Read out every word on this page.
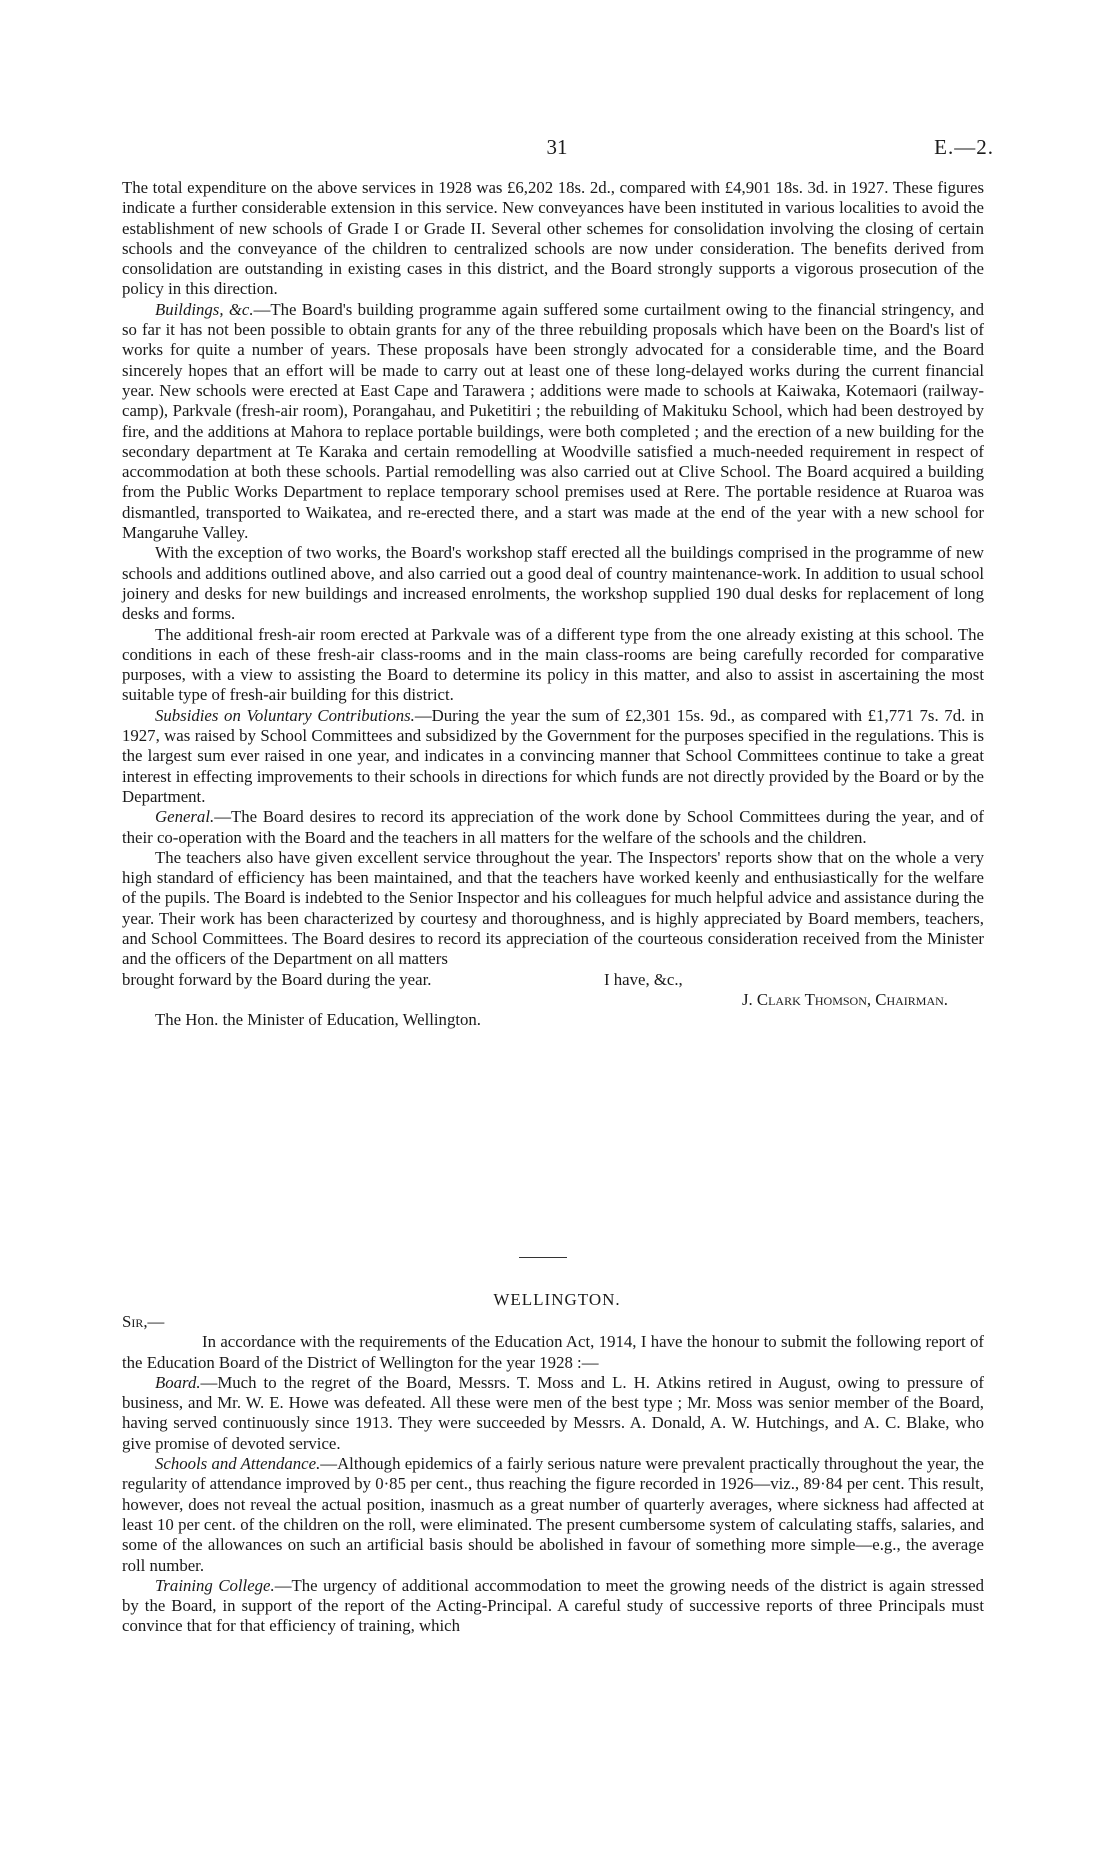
31	E.—2.

The total expenditure on the above services in 1928 was £6,202 18s. 2d., compared with £4,901 18s. 3d. in 1927. These figures indicate a further considerable extension in this service. New conveyances have been instituted in various localities to avoid the establishment of new schools of Grade I or Grade II. Several other schemes for consolidation involving the closing of certain schools and the conveyance of the children to centralized schools are now under consideration. The benefits derived from consolidation are outstanding in existing cases in this district, and the Board strongly supports a vigorous prosecution of the policy in this direction.

Buildings, &c.—The Board's building programme again suffered some curtailment owing to the financial stringency, and so far it has not been possible to obtain grants for any of the three rebuilding proposals which have been on the Board's list of works for quite a number of years. These proposals have been strongly advocated for a considerable time, and the Board sincerely hopes that an effort will be made to carry out at least one of these long-delayed works during the current financial year. New schools were erected at East Cape and Tarawera ; additions were made to schools at Kaiwaka, Kotemaori (railway-camp), Parkvale (fresh-air room), Porangahau, and Puketitiri ; the rebuilding of Makituku School, which had been destroyed by fire, and the additions at Mahora to replace portable buildings, were both completed ; and the erection of a new building for the secondary department at Te Karaka and certain remodelling at Woodville satisfied a much-needed requirement in respect of accommodation at both these schools. Partial remodelling was also carried out at Clive School. The Board acquired a building from the Public Works Department to replace temporary school premises used at Rere. The portable residence at Ruaroa was dismantled, transported to Waikatea, and re-erected there, and a start was made at the end of the year with a new school for Mangaruhe Valley.

With the exception of two works, the Board's workshop staff erected all the buildings comprised in the programme of new schools and additions outlined above, and also carried out a good deal of country maintenance-work. In addition to usual school joinery and desks for new buildings and increased enrolments, the workshop supplied 190 dual desks for replacement of long desks and forms.

The additional fresh-air room erected at Parkvale was of a different type from the one already existing at this school. The conditions in each of these fresh-air class-rooms and in the main class-rooms are being carefully recorded for comparative purposes, with a view to assisting the Board to determine its policy in this matter, and also to assist in ascertaining the most suitable type of fresh-air building for this district.

Subsidies on Voluntary Contributions.—During the year the sum of £2,301 15s. 9d., as compared with £1,771 7s. 7d. in 1927, was raised by School Committees and subsidized by the Government for the purposes specified in the regulations. This is the largest sum ever raised in one year, and indicates in a convincing manner that School Committees continue to take a great interest in effecting improvements to their schools in directions for which funds are not directly provided by the Board or by the Department.

General.—The Board desires to record its appreciation of the work done by School Committees during the year, and of their co-operation with the Board and the teachers in all matters for the welfare of the schools and the children.

The teachers also have given excellent service throughout the year. The Inspectors' reports show that on the whole a very high standard of efficiency has been maintained, and that the teachers have worked keenly and enthusiastically for the welfare of the pupils. The Board is indebted to the Senior Inspector and his colleagues for much helpful advice and assistance during the year. Their work has been characterized by courtesy and thoroughness, and is highly appreciated by Board members, teachers, and School Committees. The Board desires to record its appreciation of the courteous consideration received from the Minister and the officers of the Department on all matters

brought forward by the Board during the year.	I have, &c.,
J. Clark Thomson, Chairman.

The Hon. the Minister of Education, Wellington.

WELLINGTON.

Sir,—

In accordance with the requirements of the Education Act, 1914, I have the honour to submit the following report of the Education Board of the District of Wellington for the year 1928 :—

Board.—Much to the regret of the Board, Messrs. T. Moss and L. H. Atkins retired in August, owing to pressure of business, and Mr. W. E. Howe was defeated. All these were men of the best type ; Mr. Moss was senior member of the Board, having served continuously since 1913. They were succeeded by Messrs. A. Donald, A. W. Hutchings, and A. C. Blake, who give promise of devoted service.

Schools and Attendance.—Although epidemics of a fairly serious nature were prevalent practically throughout the year, the regularity of attendance improved by 0·85 per cent., thus reaching the figure recorded in 1926—viz., 89·84 per cent. This result, however, does not reveal the actual position, inasmuch as a great number of quarterly averages, where sickness had affected at least 10 per cent. of the children on the roll, were eliminated. The present cumbersome system of calculating staffs, salaries, and some of the allowances on such an artificial basis should be abolished in favour of something more simple—e.g., the average roll number.

Training College.—The urgency of additional accommodation to meet the growing needs of the district is again stressed by the Board, in support of the report of the Acting-Principal. A careful study of successive reports of three Principals must convince that for that efficiency of training, which
